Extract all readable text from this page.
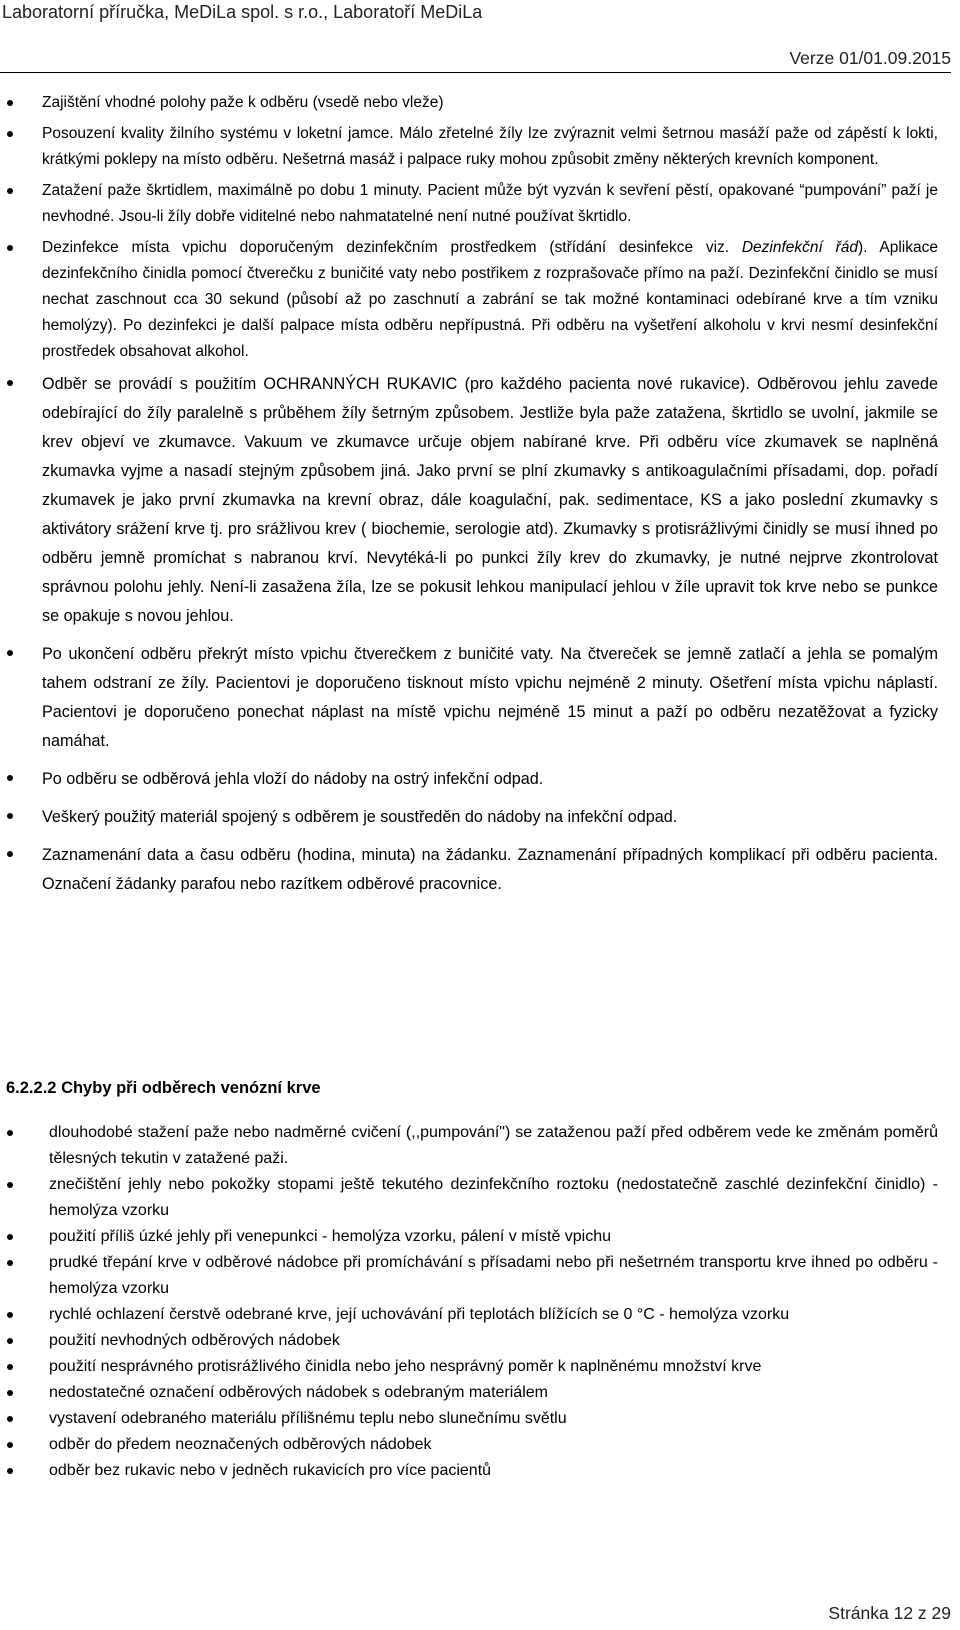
Laboratorní příručka, MeDiLa spol. s r.o., Laboratoří MeDiLa
Verze 01/01.09.2015
Zajištění vhodné polohy paže k odběru (vsedě nebo vleže)
Posouzení kvality žilního systému v loketní jamce. Málo zřetelné žíly lze zvýraznit velmi šetrnou masáží paže od zápěstí k lokti, krátkými poklepy na místo odběru. Nešetrná masáž i palpace ruky mohou způsobit změny některých krevních komponent.
Zatažení paže škrtidlem, maximálně po dobu 1 minuty. Pacient může být vyzván k sevření pěstí, opakované “pumpování” paží je nevhodné. Jsou-li žíly dobře viditelné nebo nahmatatelné není nutné používat škrtidlo.
Dezinfekce místa vpichu doporučeným dezinfekčním prostředkem (střídání desinfekce viz. Dezinfekční řád). Aplikace dezinfekčního činidla pomocí čtverečku z buničité vaty nebo postřikem z rozprašovače přímo na paží. Dezinfekční činidlo se musí nechat zaschnout cca 30 sekund (působí až po zaschnutí a zabrání se tak možné kontaminaci odebírané krve a tím vzniku hemolýzy). Po dezinfekci je další palpace místa odběru nepřípustná. Při odběru na vyšetření alkoholu v krvi nesmí desinfekční prostředek obsahovat alkohol.
Odběr se provádí s použitím OCHRANNÝCH RUKAVIC (pro každého pacienta nové rukavice). Odběrovou jehlu zavede odebírající do žíly paralelně s průběhem žíly šetrným způsobem. Jestliže byla paže zatažena, škrtidlo se uvolní, jakmile se krev objeví ve zkumavce. Vakuum ve zkumavce určuje objem nabírané krve. Při odběru více zkumavek se naplněná zkumavka vyjme a nasadí stejným způsobem jiná. Jako první se plní zkumavky s antikoagulačními přísadami, dop. pořadí zkumavek je jako první zkumavka na krevní obraz, dále koagulační, pak. sedimentace, KS a jako poslední zkumavky s aktivátory srážení krve tj. pro srážlivou krev ( biochemie, serologie atd). Zkumavky s protisrážlivými činidly se musí ihned po odběru jemně promíchat s nabranou krví. Nevytéká-li po punkci žíly krev do zkumavky, je nutné nejprve zkontrolovat správnou polohu jehly. Není-li zasažena žíla, lze se pokusit lehkou manipulací jehlou v žíle upravit tok krve nebo se punkce se opakuje s novou jehlou.
Po ukončení odběru překrýt místo vpichu čtverečkem z buničité vaty. Na čtvereček se jemně zatlačí a jehla se pomalým tahem odstraní ze žíly. Pacientovi je doporučeno tisknout místo vpichu nejméně 2 minuty. Ošetření místa vpichu náplastí. Pacientovi je doporučeno ponechat náplast na místě vpichu nejméně 15 minut a paží po odběru nezatěžovat a fyzicky namáhat.
Po odběru se odběrová jehla vloží do nádoby na ostrý infekční odpad.
Veškerý použitý materiál spojený s odběrem je soustředěn do nádoby na infekční odpad.
Zaznamenání data a času odběru (hodina, minuta) na žádanku. Zaznamenání případných komplikací při odběru pacienta. Označení žádanky parafou nebo razítkem odběrové pracovnice.
6.2.2.2 Chyby při odběrech venózní krve
dlouhodobé stažení paže nebo nadměrné cvičení (,,pumpování") se zataženou paží před odběrem vede ke změnám poměrů tělesných tekutin v zatažené paži.
znečištění jehly nebo pokožky stopami ještě tekutého dezinfekčního roztoku (nedostatečně zaschlé dezinfekční činidlo) - hemolýza vzorku
použití příliš úzké jehly při venepunkci - hemolýza vzorku, pálení v místě vpichu
prudké třepání krve v odběrové nádobce při promíchávání s přísadami nebo při nešetrném transportu krve ihned po odběru - hemolýza vzorku
rychlé ochlazení čerstvě odebrané krve, její uchovávání při teplotách blížících se 0 °C - hemolýza vzorku
použití nevhodných odběrových nádobek
použití nesprávného protisrážlivého činidla nebo jeho nesprávný poměr k naplněnému množství krve
nedostatečné označení odběrových nádobek s odebraným materiálem
vystavení odebraného materiálu přílišnému teplu nebo slunečnímu světlu
odběr do předem neoznačených odběrových nádobek
odběr bez rukavic nebo v jedněch rukavicích pro více pacientů
Stránka 12 z 29
